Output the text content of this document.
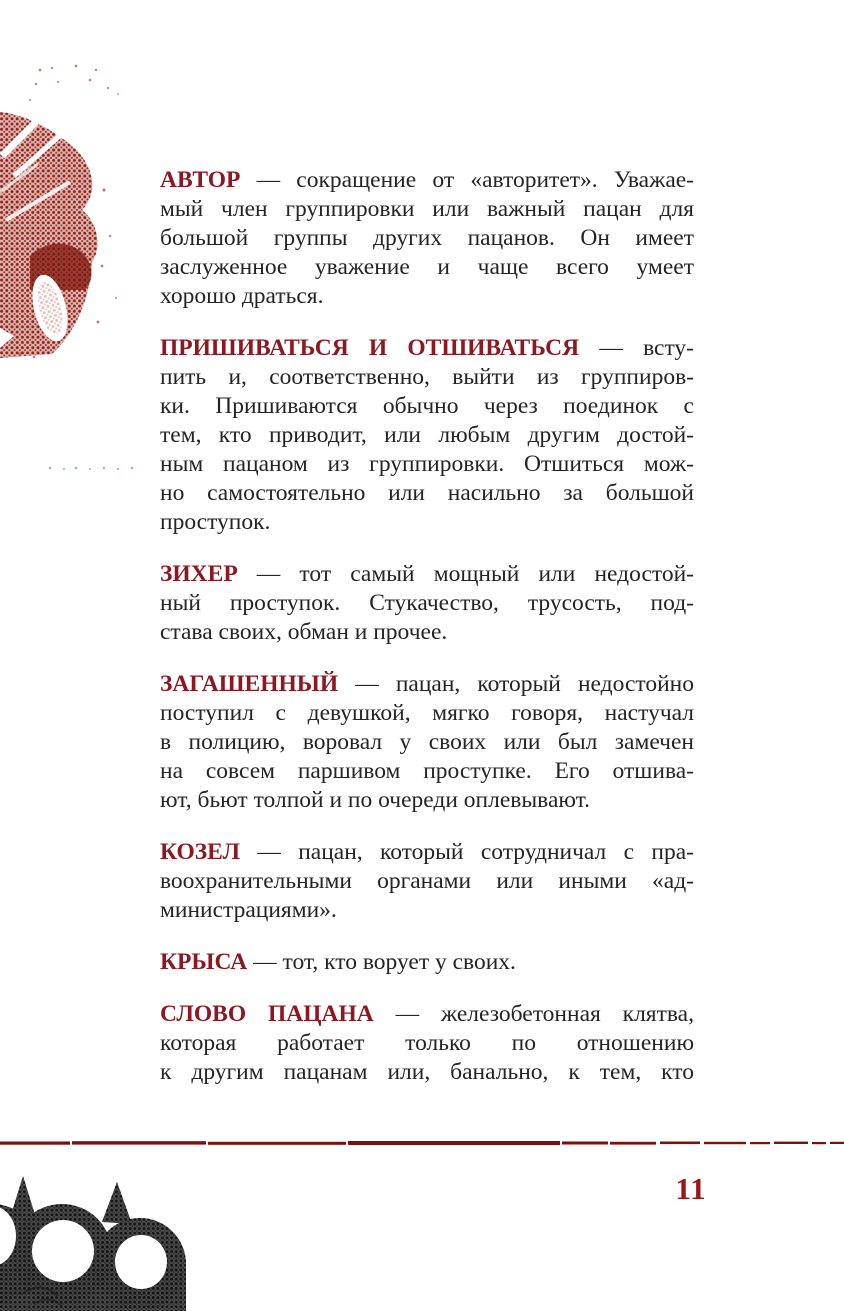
АВТОР — сокращение от «авторитет». Уважае-
мый член группировки или важный пацан для
большой группы других пацанов. Он имеет
заслуженное уважение и чаще всего умеет
хорошо драться.
ПРИШИВАТЬСЯ И ОТШИВАТЬСЯ — всту-
пить и, соответственно, выйти из группиров-
ки. Пришиваются обычно через поединок с
тем, кто приводит, или любым другим достой-
ным пацаном из группировки. Отшиться мож-
но самостоятельно или насильно за большой
проступок.
ЗИХЕР — тот самый мощный или недостой-
ный проступок. Стукачество, трусость, под-
става своих, обман и прочее.
ЗАГАШЕННЫЙ — пацан, который недостойно
поступил с девушкой, мягко говоря, настучал
в полицию, воровал у своих или был замечен
на совсем паршивом проступке. Его отшива-
ют, бьют толпой и по очереди оплевывают.
КОЗЕЛ — пацан, который сотрудничал с пра-
воохранительными органами или иными «ад-
министрациями».
КРЫСА — тот, кто ворует у своих.
СЛОВО ПАЦАНА — железобетонная клятва,
которая работает только по отношению
к другим пацанам или, банально, к тем, кто
11
